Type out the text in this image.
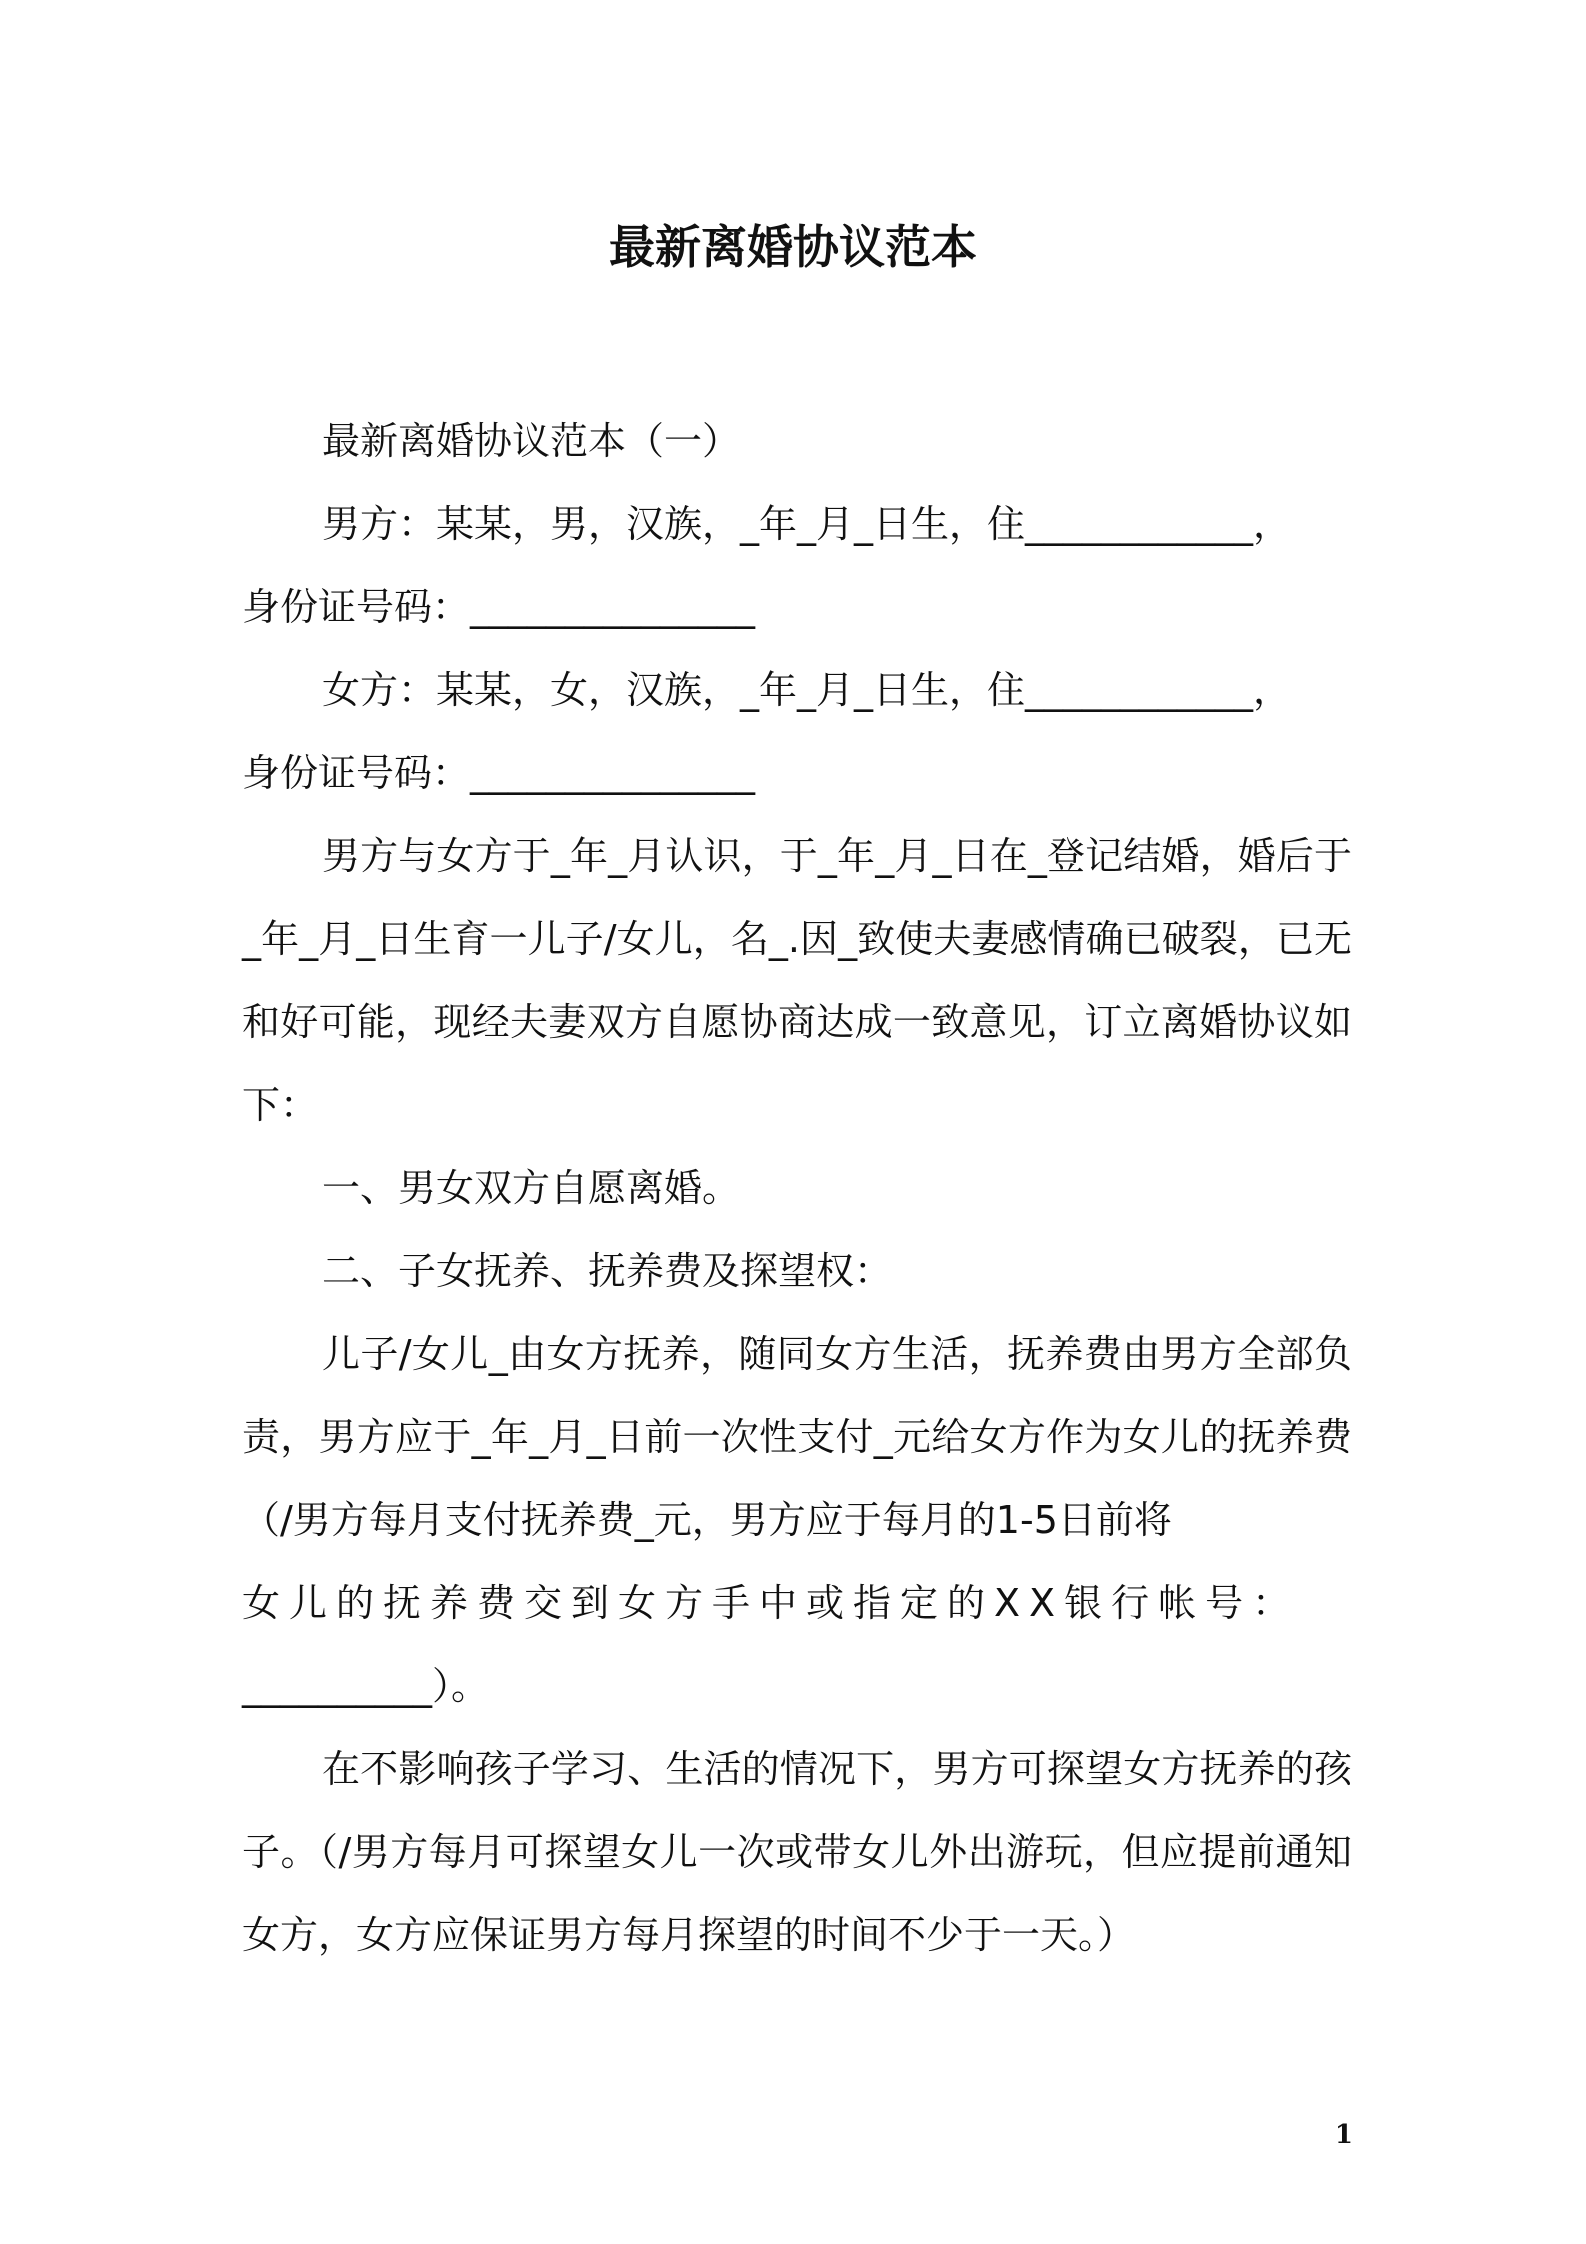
最新离婚协议范本

最新离婚协议范本（一）

男方：某某，男，汉族，_年_月_日生，住____________，

身份证号码：_______________

女方：某某，女，汉族，_年_月_日生，住____________，

身份证号码：_______________

男方与女方于_年_月认识，于_年_月_日在_登记结婚，婚后于_年_月_日生育一儿子/女儿，名_.因_致使夫妻感情确已破裂，已无和好可能，现经夫妻双方自愿协商达成一致意见，订立离婚协议如下：

一、男女双方自愿离婚。

二、子女抚养、抚养费及探望权：

儿子/女儿_由女方抚养，随同女方生活，抚养费由男方全部负责，男方应于_年_月_日前一次性支付_元给女方作为女儿的抚养费（/男方每月支付抚养费_元，男方应于每月的1-5日前将

女儿的抚养费交到女方手中或指定的XX银行帐号：

__________）。

在不影响孩子学习、生活的情况下，男方可探望女方抚养的孩子。（/男方每月可探望女儿一次或带女儿外出游玩，但应提前通知女方，女方应保证男方每月探望的时间不少于一天。）

1
